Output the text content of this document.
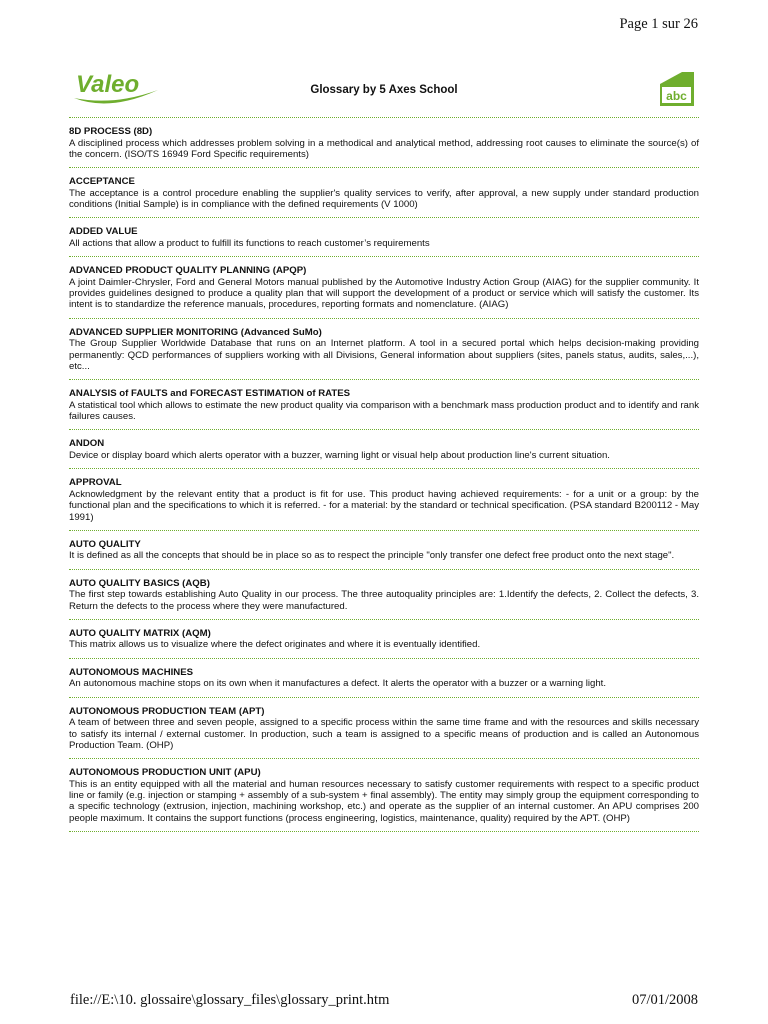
Page 1 sur 26
Valeo	Glossary by 5 Axes School	abc
8D PROCESS (8D)
A disciplined process which addresses problem solving in a methodical and analytical method, addressing root causes to eliminate the source(s) of the concern. (ISO/TS 16949 Ford Specific requirements)
ACCEPTANCE
The acceptance is a control procedure enabling the supplier's quality services to verify, after approval, a new supply under standard production conditions (Initial Sample) is in compliance with the defined requirements (V 1000)
ADDED VALUE
All actions that allow a product to fulfill its functions to reach customer’s requirements
ADVANCED PRODUCT QUALITY PLANNING (APQP)
A joint Daimler-Chrysler, Ford and General Motors manual published by the Automotive Industry Action Group (AIAG) for the supplier community. It provides guidelines designed to produce a quality plan that will support the development of a product or service which will satisfy the customer. Its intent is to standardize the reference manuals, procedures, reporting formats and nomenclature. (AIAG)
ADVANCED SUPPLIER MONITORING (Advanced SuMo)
The Group Supplier Worldwide Database that runs on an Internet platform. A tool in a secured portal which helps decision-making providing permanently: QCD performances of suppliers working with all Divisions, General information about suppliers (sites, panels status, audits, sales,...), etc...
ANALYSIS of FAULTS and FORECAST ESTIMATION of RATES
A statistical tool which allows to estimate the new product quality via comparison with a benchmark mass production product and to identify and rank failures causes.
ANDON
Device or display board which alerts operator with a buzzer, warning light or visual help about production line's current situation.
APPROVAL
Acknowledgment by the relevant entity that a product is fit for use. This product having achieved requirements: - for a unit or a group: by the functional plan and the specifications to which it is referred. - for a material: by the standard or technical specification. (PSA standard B200112 - May 1991)
AUTO QUALITY
It is defined as all the concepts that should be in place so as to respect the principle "only transfer one defect free product onto the next stage".
AUTO QUALITY BASICS (AQB)
The first step towards establishing Auto Quality in our process. The three autoquality principles are: 1.Identify the defects, 2. Collect the defects, 3. Return the defects to the process where they were manufactured.
AUTO QUALITY MATRIX (AQM)
This matrix allows us to visualize where the defect originates and where it is eventually identified.
AUTONOMOUS MACHINES
An autonomous machine stops on its own when it manufactures a defect. It alerts the operator with a buzzer or a warning light.
AUTONOMOUS PRODUCTION TEAM (APT)
A team of between three and seven people, assigned to a specific process within the same time frame and with the resources and skills necessary to satisfy its internal / external customer. In production, such a team is assigned to a specific means of production and is called an Autonomous Production Team. (OHP)
AUTONOMOUS PRODUCTION UNIT (APU)
This is an entity equipped with all the material and human resources necessary to satisfy customer requirements with respect to a specific product line or family (e.g. injection or stamping + assembly of a sub-system + final assembly). The entity may simply group the equipment corresponding to a specific technology (extrusion, injection, machining workshop, etc.) and operate as the supplier of an internal customer. An APU comprises 200 people maximum. It contains the support functions (process engineering, logistics, maintenance, quality) required by the APT. (OHP)
file://E:\10. glossaire\glossary_files\glossary_print.htm	07/01/2008
